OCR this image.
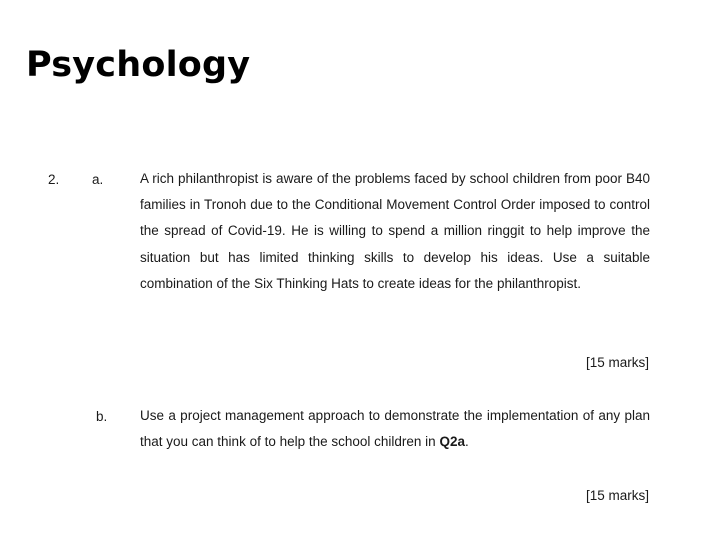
Psychology
2. a.	A rich philanthropist is aware of the problems faced by school children from poor B40 families in Tronoh due to the Conditional Movement Control Order imposed to control the spread of Covid-19. He is willing to spend a million ringgit to help improve the situation but has limited thinking skills to develop his ideas. Use a suitable combination of the Six Thinking Hats to create ideas for the philanthropist.
[15 marks]
b. Use a project management approach to demonstrate the implementation of any plan that you can think of to help the school children in Q2a.
[15 marks]
